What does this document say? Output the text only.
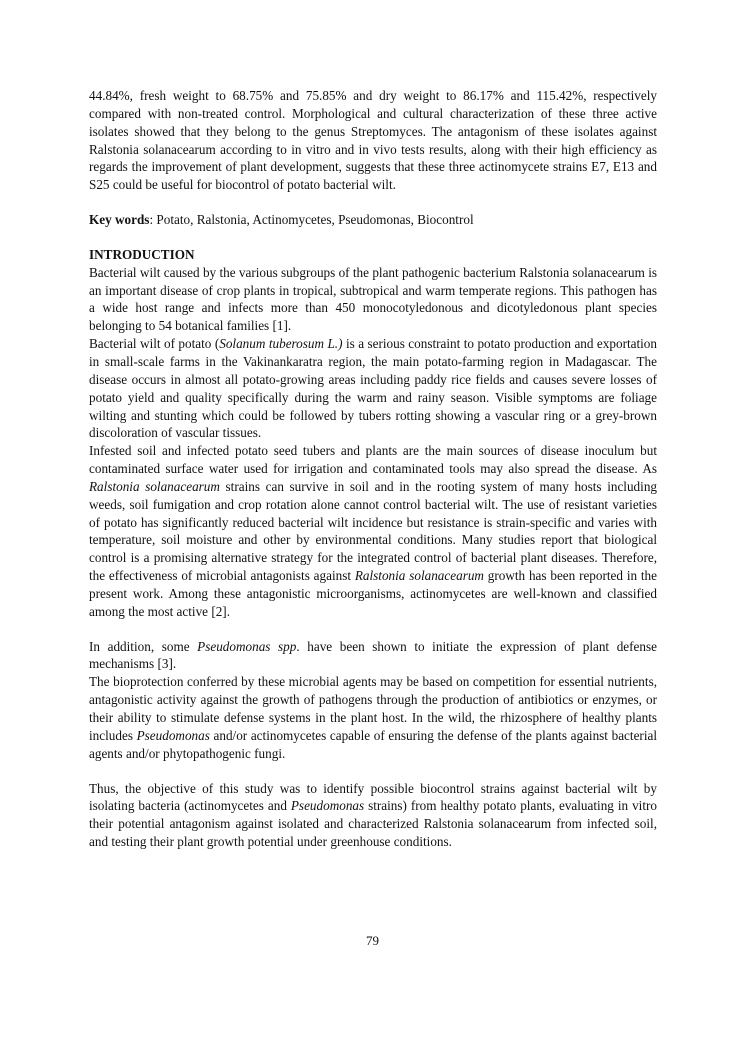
44.84%, fresh weight to 68.75% and 75.85% and dry weight to 86.17% and 115.42%, respectively compared with non-treated control. Morphological and cultural characterization of these three active isolates showed that they belong to the genus Streptomyces. The antagonism of these isolates against Ralstonia solanacearum according to in vitro and in vivo tests results, along with their high efficiency as regards the improvement of plant development, suggests that these three actinomycete strains E7, E13 and S25 could be useful for biocontrol of potato bacterial wilt.

Key words: Potato, Ralstonia, Actinomycetes, Pseudomonas, Biocontrol

INTRODUCTION

Bacterial wilt caused by the various subgroups of the plant pathogenic bacterium Ralstonia solanacearum is an important disease of crop plants in tropical, subtropical and warm temperate regions. This pathogen has a wide host range and infects more than 450 monocotyledonous and dicotyledonous plant species belonging to 54 botanical families [1].

Bacterial wilt of potato (Solanum tuberosum L.) is a serious constraint to potato production and exportation in small-scale farms in the Vakinankaratra region, the main potato-farming region in Madagascar. The disease occurs in almost all potato-growing areas including paddy rice fields and causes severe losses of potato yield and quality specifically during the warm and rainy season. Visible symptoms are foliage wilting and stunting which could be followed by tubers rotting showing a vascular ring or a grey-brown discoloration of vascular tissues.

Infested soil and infected potato seed tubers and plants are the main sources of disease inoculum but contaminated surface water used for irrigation and contaminated tools may also spread the disease. As Ralstonia solanacearum strains can survive in soil and in the rooting system of many hosts including weeds, soil fumigation and crop rotation alone cannot control bacterial wilt. The use of resistant varieties of potato has significantly reduced bacterial wilt incidence but resistance is strain-specific and varies with temperature, soil moisture and other by environmental conditions. Many studies report that biological control is a promising alternative strategy for the integrated control of bacterial plant diseases. Therefore, the effectiveness of microbial antagonists against Ralstonia solanacearum growth has been reported in the present work. Among these antagonistic microorganisms, actinomycetes are well-known and classified among the most active [2].

In addition, some Pseudomonas spp. have been shown to initiate the expression of plant defense mechanisms [3].

The bioprotection conferred by these microbial agents may be based on competition for essential nutrients, antagonistic activity against the growth of pathogens through the production of antibiotics or enzymes, or their ability to stimulate defense systems in the plant host. In the wild, the rhizosphere of healthy plants includes Pseudomonas and/or actinomycetes capable of ensuring the defense of the plants against bacterial agents and/or phytopathogenic fungi.

Thus, the objective of this study was to identify possible biocontrol strains against bacterial wilt by isolating bacteria (actinomycetes and Pseudomonas strains) from healthy potato plants, evaluating in vitro their potential antagonism against isolated and characterized Ralstonia solanacearum from infected soil, and testing their plant growth potential under greenhouse conditions.

79
